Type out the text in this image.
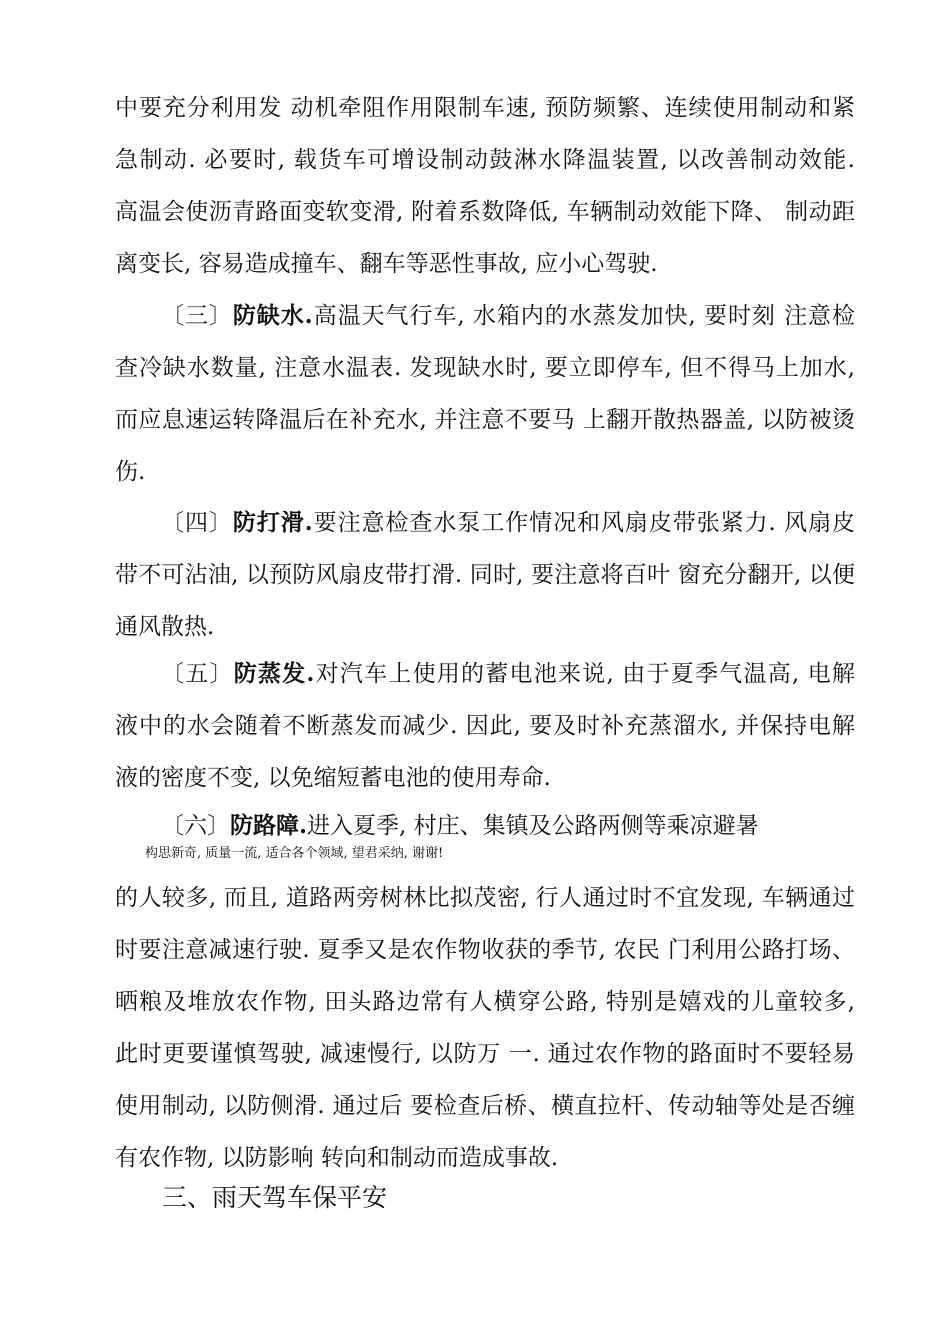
中要充分利用发 动机牵阻作用限制车速, 预防频繁、连续使用制动和紧
急制动. 必要时, 载货车可增设制动鼓淋水降温装置, 以改善制动效能.
高温会使沥青路面变软变滑, 附着系数降低, 车辆制动效能下降、 制动距
离变长, 容易造成撞车、翻车等恶性事故, 应小心驾驶.
〔三〕防缺水.高温天气行车, 水箱内的水蒸发加快, 要时刻 注意检
查冷缺水数量, 注意水温表. 发现缺水时, 要立即停车, 但不得马上加水,
而应息速运转降温后在补充水, 并注意不要马 上翻开散热器盖, 以防被烫
伤.
〔四〕防打滑.要注意检查水泵工作情况和风扇皮带张紧力. 风扇皮
带不可沾油, 以预防风扇皮带打滑. 同时, 要注意将百叶 窗充分翻开, 以便
通风散热.
〔五〕防蒸发.对汽车上使用的蓄电池来说, 由于夏季气温高, 电解
液中的水会随着不断蒸发而减少. 因此, 要及时补充蒸溜水, 并保持电解
液的密度不变, 以免缩短蓄电池的使用寿命.
〔六〕防路障.进入夏季, 村庄、集镇及公路两侧等乘凉避暑
构思新奇, 质量一流, 适合各个领域, 望君采纳, 谢谢!
的人较多, 而且, 道路两旁树林比拟茂密, 行人通过时不宜发现, 车辆通过
时要注意减速行驶. 夏季又是农作物收获的季节, 农民 门利用公路打场、
晒粮及堆放农作物, 田头路边常有人横穿公路, 特别是嬉戏的儿童较多,
此时更要谨慎驾驶, 减速慢行, 以防万 一. 通过农作物的路面时不要轻易
使用制动, 以防侧滑. 通过后 要检查后桥、横直拉杆、传动轴等处是否缠
有农作物, 以防影响 转向和制动而造成事故.
三、雨天驾车保平安
